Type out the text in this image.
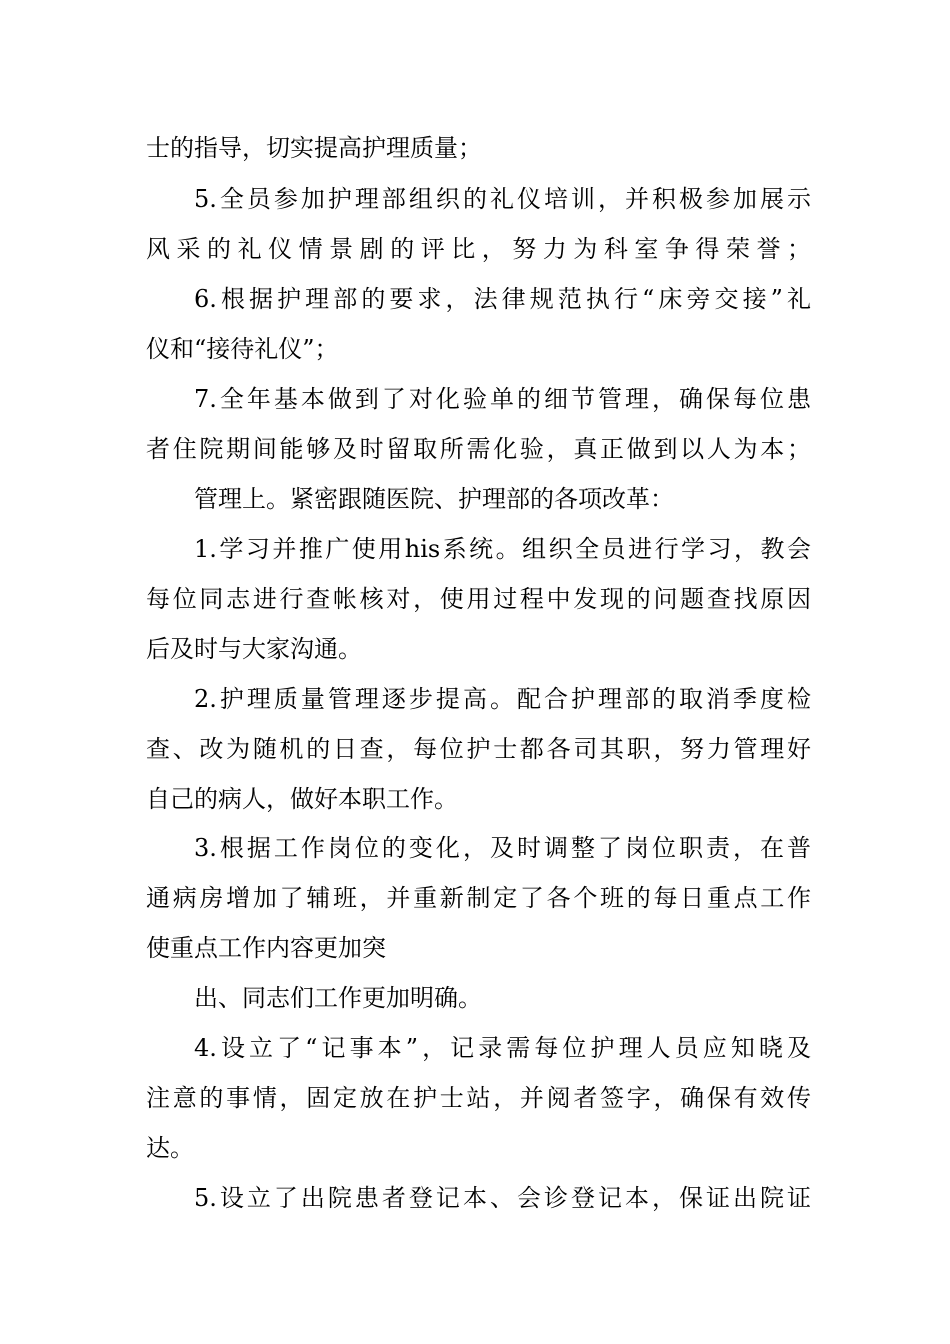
士的指导，切实提高护理质量；
5.全员参加护理部组织的礼仪培训，并积极参加展示
风采的礼仪情景剧的评比，努力为科室争得荣誉；
6.根据护理部的要求，法律规范执行“床旁交接”礼
仪和“接待礼仪”；
7.全年基本做到了对化验单的细节管理，确保每位患
者住院期间能够及时留取所需化验，真正做到以人为本；
管理上。紧密跟随医院、护理部的各项改革：
1.学习并推广使用his系统。组织全员进行学习，教会
每位同志进行查帐核对，使用过程中发现的问题查找原因
后及时与大家沟通。
2.护理质量管理逐步提高。配合护理部的取消季度检
查、改为随机的日查，每位护士都各司其职，努力管理好
自己的病人，做好本职工作。
3.根据工作岗位的变化，及时调整了岗位职责，在普
通病房增加了辅班，并重新制定了各个班的每日重点工作
使重点工作内容更加突
出、同志们工作更加明确。
4.设立了“记事本”，记录需每位护理人员应知晓及
注意的事情，固定放在护士站，并阅者签字，确保有效传
达。
5.设立了出院患者登记本、会诊登记本，保证出院证
